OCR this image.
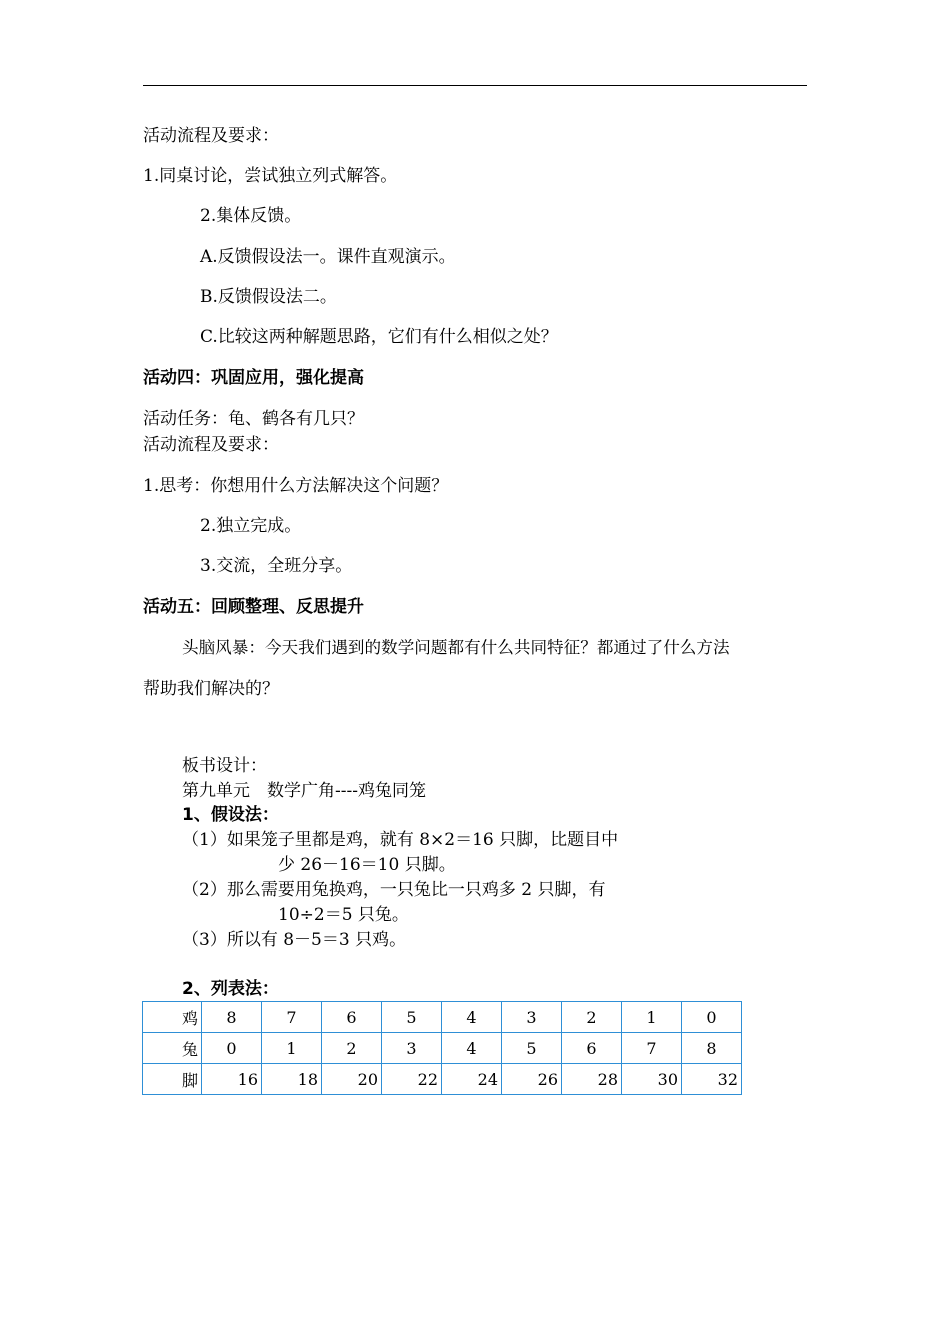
活动流程及要求：
1.同桌讨论，尝试独立列式解答。
2.集体反馈。
A.反馈假设法一。课件直观演示。
B.反馈假设法二。
C.比较这两种解题思路，它们有什么相似之处？
活动四：巩固应用，强化提高
活动任务：龟、鹤各有几只？
活动流程及要求：
1.思考：你想用什么方法解决这个问题？
2.独立完成。
3.交流，全班分享。
活动五：回顾整理、反思提升
头脑风暴：今天我们遇到的数学问题都有什么共同特征？都通过了什么方法
帮助我们解决的？
板书设计：
第九单元　数学广角----鸡兔同笼
1、假设法：
（1）如果笼子里都是鸡，就有 8×2＝16 只脚，比题目中
少 26－16＝10 只脚。
（2）那么需要用兔换鸡，一只兔比一只鸡多 2 只脚，有
10÷2＝5 只兔。
（3）所以有 8－5＝3 只鸡。
2、列表法：
鸡	8	7	6	5	4	3	2	1	0
兔	0	1	2	3	4	5	6	7	8
脚	16	18	20	22	24	26	28	30	32
